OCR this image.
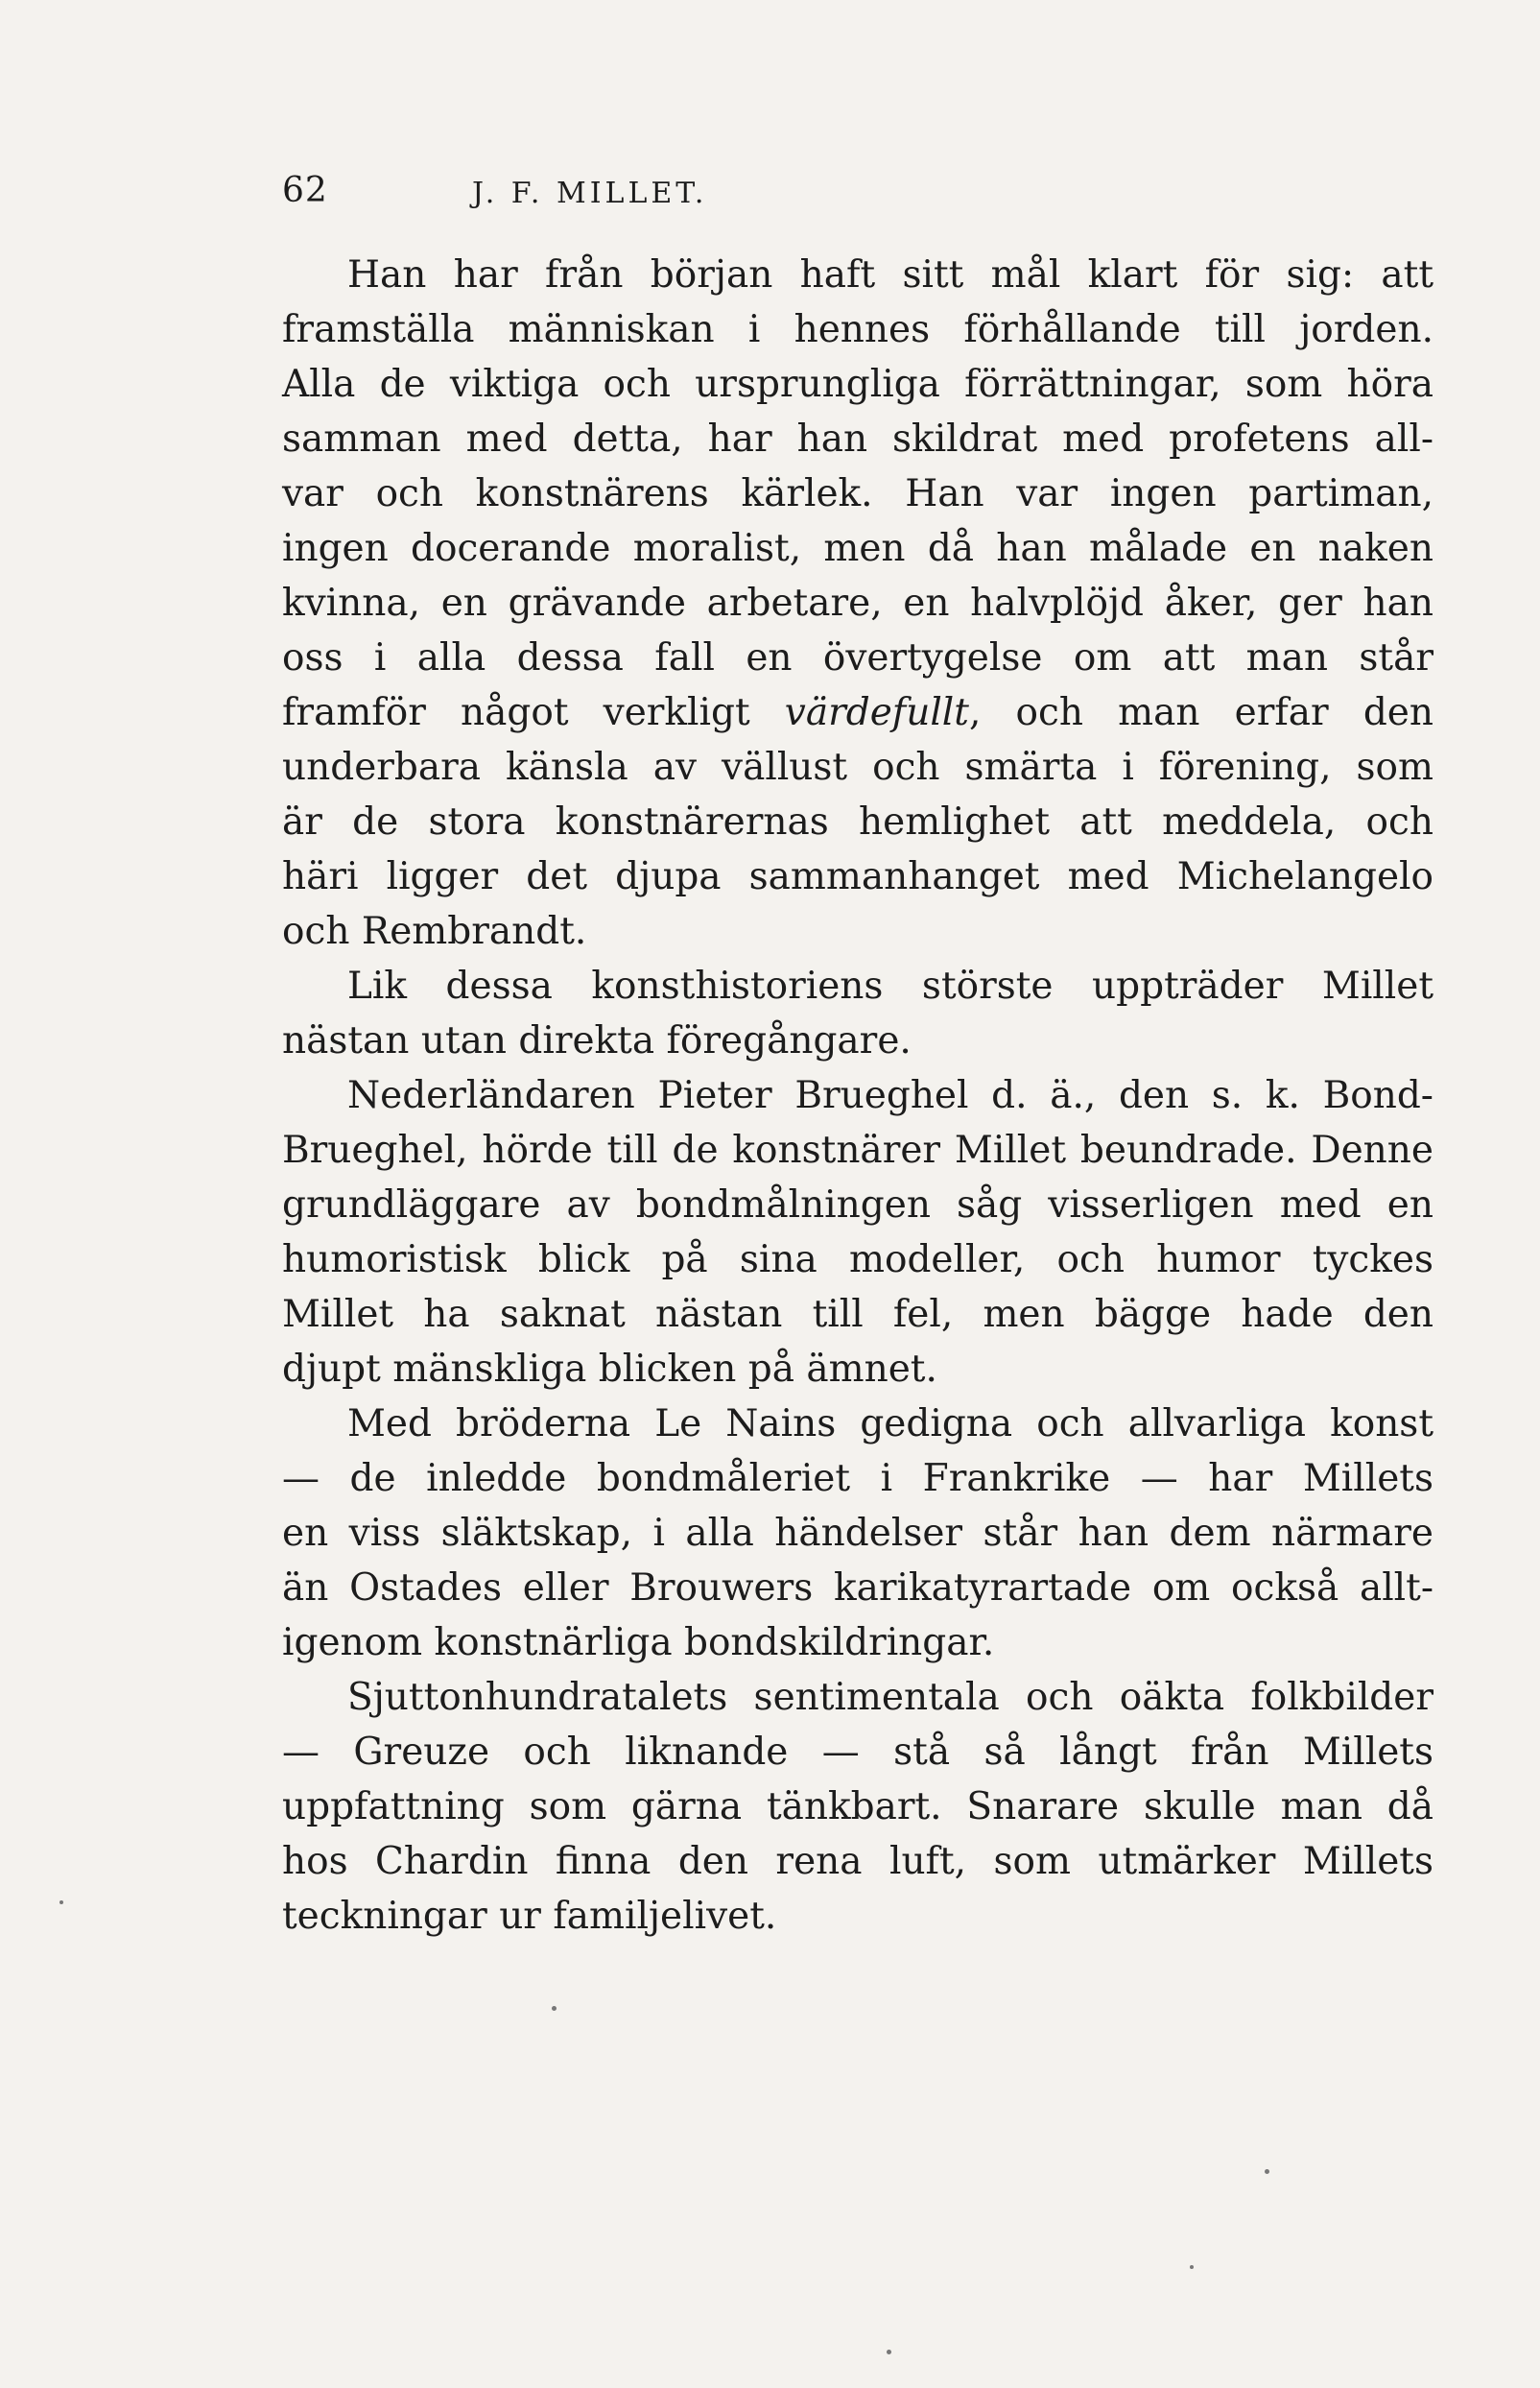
62	J. F. MILLET.
Han har från början haft sitt mål klart för sig: att
framställa människan i hennes förhållande till jorden.
Alla de viktiga och ursprungliga förrättningar, som höra
samman med detta, har han skildrat med profetens all-
var och konstnärens kärlek. Han var ingen partiman,
ingen docerande moralist, men då han målade en naken
kvinna, en grävande arbetare, en halvplöjd åker, ger han
oss i alla dessa fall en övertygelse om att man står
framför något verkligt värdefullt, och man erfar den
underbara känsla av vällust och smärta i förening, som
är de stora konstnärernas hemlighet att meddela, och
häri ligger det djupa sammanhanget med Michelangelo
och Rembrandt.
Lik dessa konsthistoriens störste uppträder Millet
nästan utan direkta föregångare.
Nederländaren Pieter Brueghel d. ä., den s. k. Bond-
Brueghel, hörde till de konstnärer Millet beundrade. Denne
grundläggare av bondmålningen såg visserligen med en
humoristisk blick på sina modeller, och humor tyckes
Millet ha saknat nästan till fel, men bägge hade den
djupt mänskliga blicken på ämnet.
Med bröderna Le Nains gedigna och allvarliga konst
— de inledde bondmåleriet i Frankrike — har Millets
en viss släktskap, i alla händelser står han dem närmare
än Ostades eller Brouwers karikatyrartade om också allt-
igenom konstnärliga bondskildringar.
Sjuttonhundratalets sentimentala och oäkta folkbilder
— Greuze och liknande — stå så långt från Millets
uppfattning som gärna tänkbart. Snarare skulle man då
hos Chardin finna den rena luft, som utmärker Millets
teckningar ur familjelivet.
